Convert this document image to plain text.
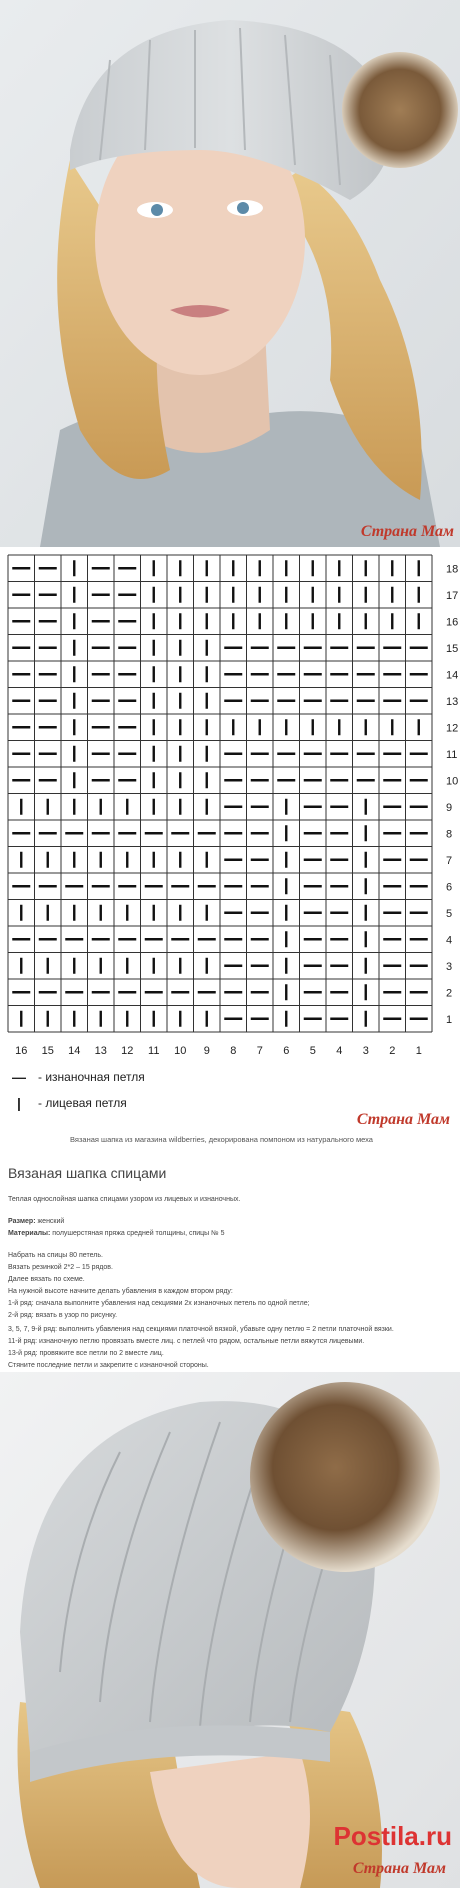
Страна Мам
18
17
16
15
14
13
12
11
10
9
8
7
6
5
4
3
2
1
16 15 14 13 12 11 10 9 8 7 6 5 4 3 2 1
—	- изнаночная петля
|	- лицевая петля
Страна Мам
Вязаная шапка из магазина wildberries, декорирована помпоном из натурального меха
Вязаная шапка спицами

Теплая однослойная шапка спицами узором из лицевых и изнаночных.

Размер: женский

Материалы: полушерстяная пряжа средней толщины, спицы № 5

Набрать на спицы 80 петель.

Вязать резинкой 2*2 – 15 рядов.

Далее вязать по схеме.

На нужной высоте начните делать убавления в каждом втором ряду:

1-й ряд: сначала выполните убавления над секциями 2х изнаночных петель по одной петле;

2-й ряд: вязать в узор по рисунку.

3, 5, 7, 9-й ряд: выполнить убавления над секциями платочной вязкой, убавьте одну петлю = 2 петли платочной вязки.

11-й ряд: изнаночную петлю провязать вместе лиц. с петлей что рядом, остальные петли вяжутся лицевыми.

13-й ряд: провяжите все петли по 2 вместе лиц.

Стяните последние петли и закрепите с изнаночной стороны.

Postila.ru
Страна Мам
